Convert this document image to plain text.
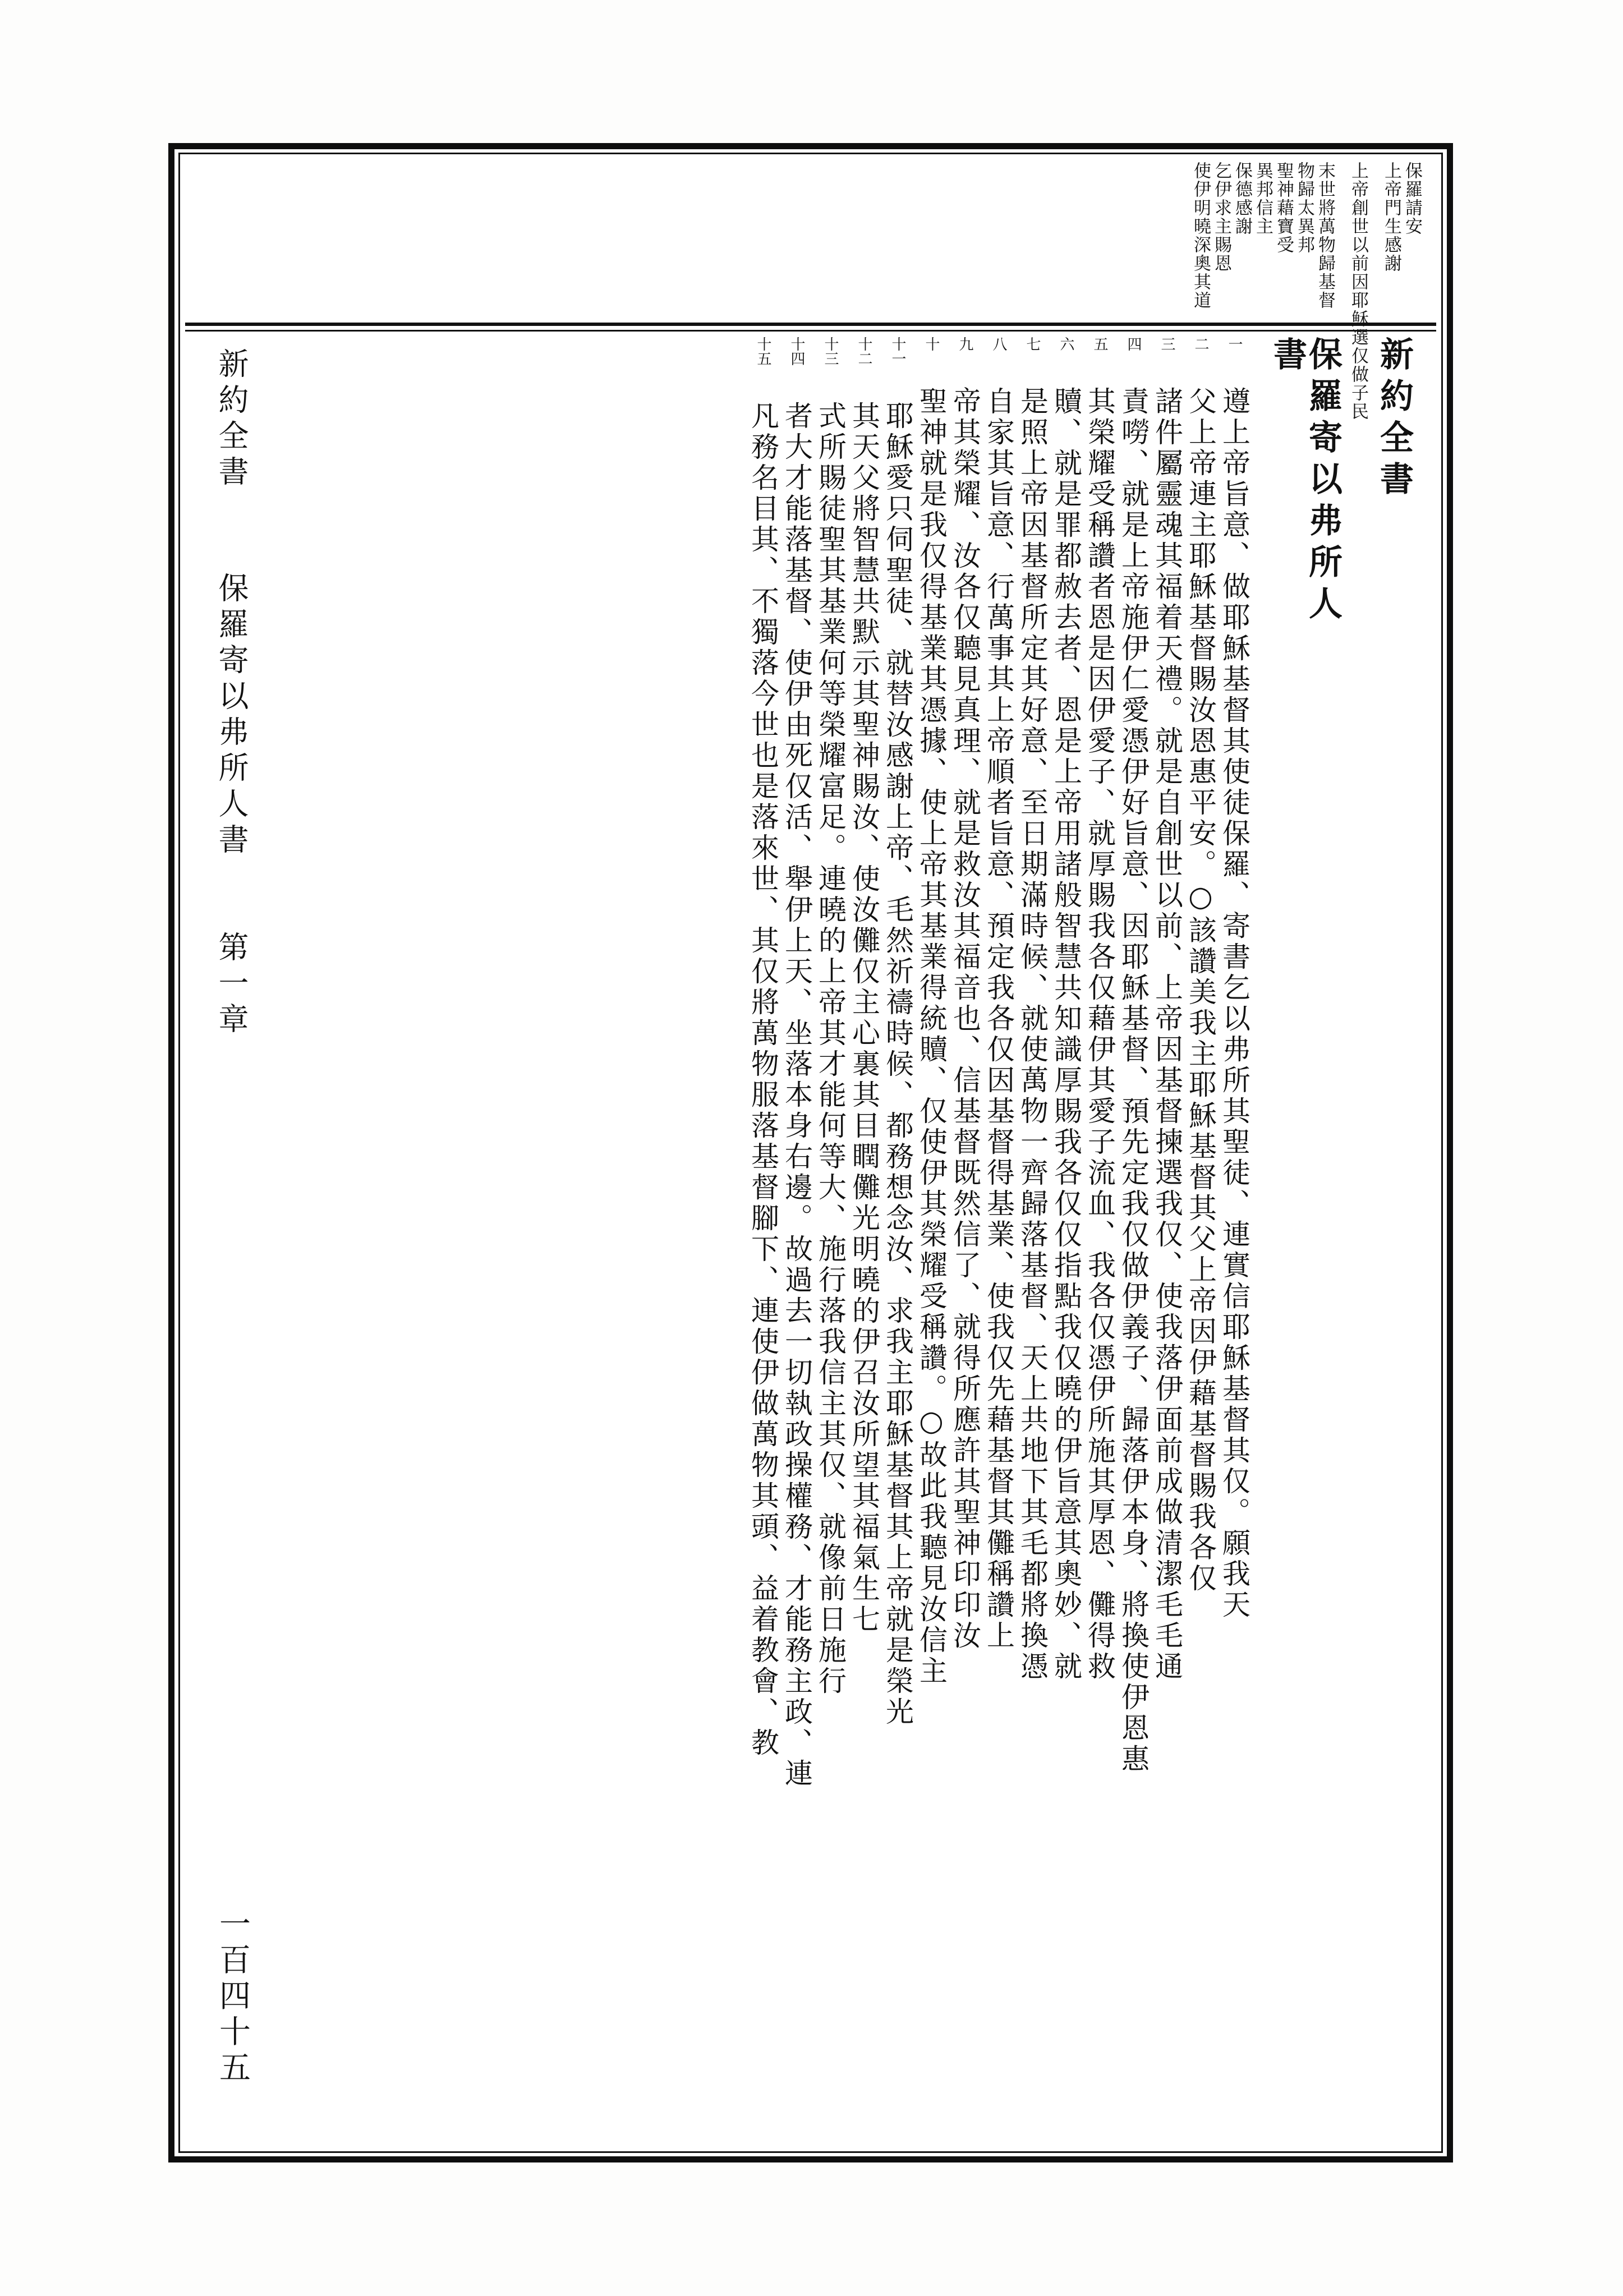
保羅請安
上帝門生感謝
上帝創世以前因耶穌選仅做子民
末世將萬物歸基督
物歸太異邦
聖神藉寶受
異邦信主
保德感謝
乞伊求主賜恩
使伊明曉深奧其道
新約全書
保羅寄以弗所人書
一 遵上帝旨意、做耶穌基督其使徒保羅、寄書乞以弗所其聖徒、連實信耶穌基督其仅。願我天
二 父上帝連主耶穌基督賜汝恩惠平安。○該讚美我主耶穌基督其父上帝因伊藉基督賜我各仅
三 諸件屬靈魂其福着天禮。就是自創世以前、上帝因基督揀選我仅、使我落伊面前成做清潔毛毛通
四 責嘮、就是上帝施伊仁愛憑伊好旨意、因耶穌基督、預先定我仅做伊義子、歸落伊本身、將換使伊恩惠
五 其榮耀受稱讚者恩是因伊愛子、就厚賜我各仅藉伊其愛子流血、我各仅憑伊所施其厚恩、儺得救
六 贖、就是罪都赦去者、恩是上帝用諸般智慧共知識厚賜我各仅仅指點我仅曉的伊旨意其奧妙、就
七 是照上帝因基督所定其好意、至日期滿時候、就使萬物一齊歸落基督、天上共地下其毛都將換憑
八 自家其旨意、行萬事其上帝順者旨意、預定我各仅因基督得基業、使我仅先藉基督其儺稱讚上
九 帝其榮耀、汝各仅聽見真理、就是救汝其福音也、信基督既然信了、就得所應許其聖神印印汝
十 聖神就是我仅得基業其憑據、使上帝其基業得統贖、仅使伊其榮耀受稱讚。○故此我聽見汝信主
十一 耶穌愛只伺聖徒、就替汝感謝上帝、毛然祈禱時候、都務想念汝、求我主耶穌基督其上帝就是榮光
十二 其天父將智慧共默示其聖神賜汝、使汝儺仅主心裏其目瞤儺光明曉的伊召汝所望其福氣生七
十三 式所賜徒聖其基業何等榮耀富足。連曉的上帝其才能何等大、施行落我信主其仅、就像前日施行
十四 者大才能落基督、使伊由死仅活、舉伊上天、坐落本身右邊。故過去一切執政操權務、才能務主政、連
十五 凡務名目其、不獨落今世也是落來世、其仅將萬物服落基督腳下、連使伊做萬物其頭、益着教會、教
新約全書
保羅寄以弗所人書
第一章
一百四十五
